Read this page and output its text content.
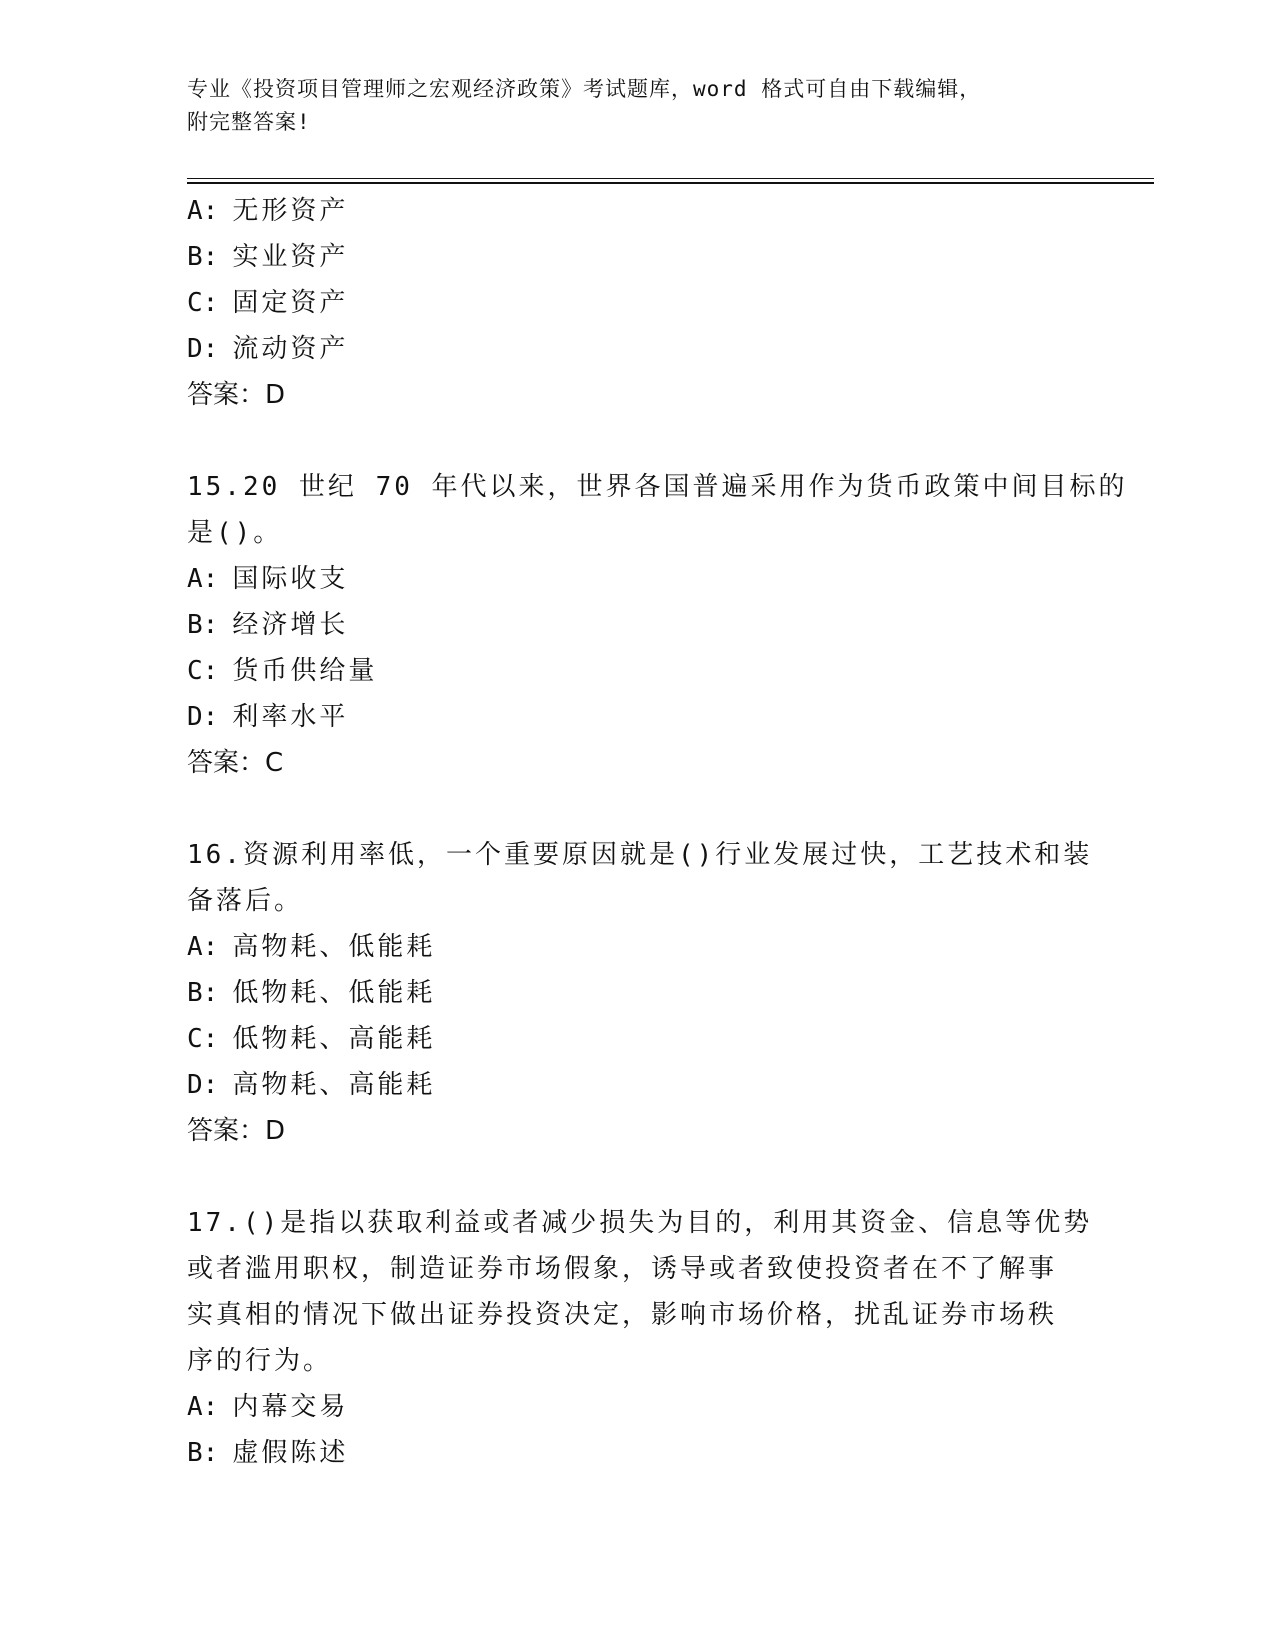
专业《投资项目管理师之宏观经济政策》考试题库，word 格式可自由下载编辑，
附完整答案!
A: 无形资产
B: 实业资产
C: 固定资产
D: 流动资产
答案：D
15.20 世纪 70 年代以来，世界各国普遍采用作为货币政策中间目标的
是()。
A: 国际收支
B: 经济增长
C: 货币供给量
D: 利率水平
答案：C
16.资源利用率低，一个重要原因就是()行业发展过快，工艺技术和装
备落后。
A: 高物耗、低能耗
B: 低物耗、低能耗
C: 低物耗、高能耗
D: 高物耗、高能耗
答案：D
17.()是指以获取利益或者减少损失为目的，利用其资金、信息等优势
或者滥用职权，制造证券市场假象，诱导或者致使投资者在不了解事
实真相的情况下做出证券投资决定，影响市场价格，扰乱证券市场秩
序的行为。
A: 内幕交易
B: 虚假陈述
